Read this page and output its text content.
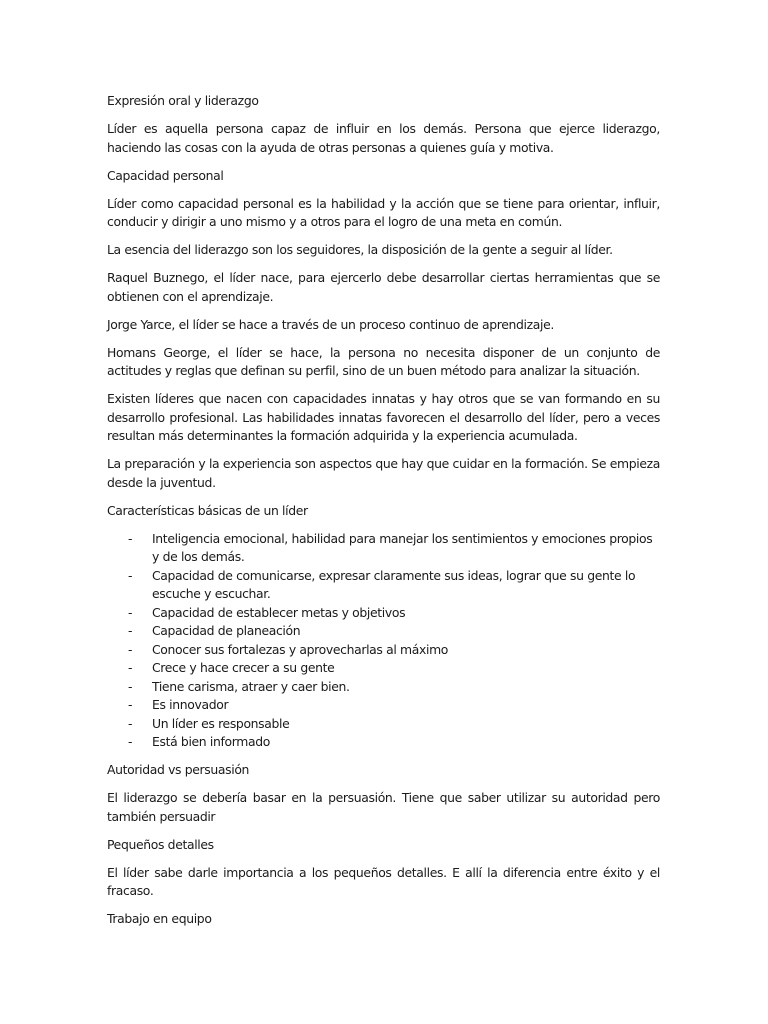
Expresión oral y liderazgo

Líder es aquella persona capaz de influir en los demás. Persona que ejerce liderazgo, haciendo las cosas con la ayuda de otras personas a quienes guía y motiva.

Capacidad personal

Líder como capacidad personal es la habilidad y la acción que se tiene para orientar, influir, conducir y dirigir a uno mismo y a otros para el logro de una meta en común.

La esencia del liderazgo son los seguidores, la disposición de la gente a seguir al líder.

Raquel Buznego, el líder nace, para ejercerlo debe desarrollar ciertas herramientas que se obtienen con el aprendizaje.

Jorge Yarce, el líder se hace a través de un proceso continuo de aprendizaje.

Homans George, el líder se hace, la persona no necesita disponer de un conjunto de actitudes y reglas que definan su perfil, sino de un buen método para analizar la situación.

Existen líderes que nacen con capacidades innatas y hay otros que se van formando en su desarrollo profesional. Las habilidades innatas favorecen el desarrollo del líder, pero a veces resultan más determinantes la formación adquirida y la experiencia acumulada.

La preparación y la experiencia son aspectos que hay que cuidar en la formación. Se empieza desde la juventud.

Características básicas de un líder

- Inteligencia emocional, habilidad para manejar los sentimientos y emociones propios y de los demás.
- Capacidad de comunicarse, expresar claramente sus ideas, lograr que su gente lo escuche y escuchar.
- Capacidad de establecer metas y objetivos
- Capacidad de planeación
- Conocer sus fortalezas y aprovecharlas al máximo
- Crece y hace crecer a su gente
- Tiene carisma, atraer y caer bien.
- Es innovador
- Un líder es responsable
- Está bien informado

Autoridad vs persuasión

El liderazgo se debería basar en la persuasión. Tiene que saber utilizar su autoridad pero también persuadir

Pequeños detalles

El líder sabe darle importancia a los pequeños detalles. E allí la diferencia entre éxito y el fracaso.

Trabajo en equipo
